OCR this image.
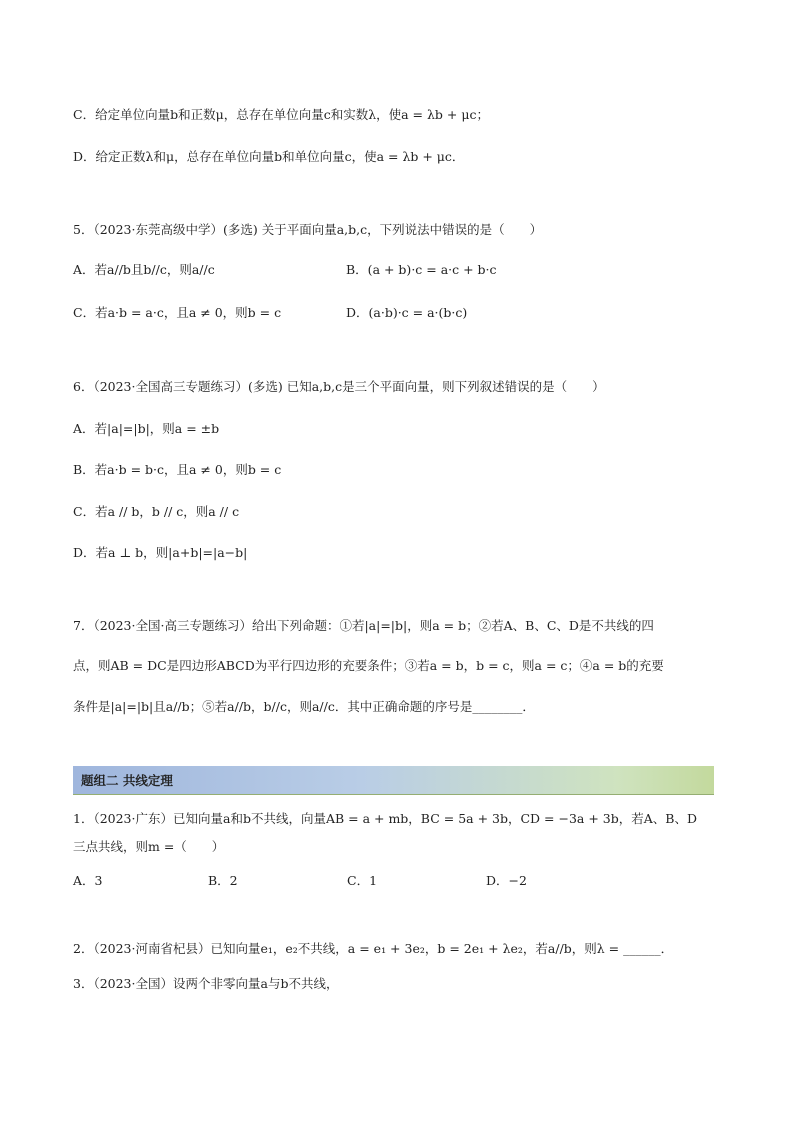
C．给定单位向量b和正数μ，总存在单位向量c和实数λ，使a = λb + μc；
D．给定正数λ和μ，总存在单位向量b和单位向量c，使a = λb + μc．
5．（2023·东莞高级中学）(多选) 关于平面向量a,b,c，下列说法中错误的是（　　）
A．若a//b且b//c，则a//c	B．(a + b)·c = a·c + b·c
C．若a·b = a·c，且a ≠ 0，则b = c	D．(a·b)·c = a·(b·c)
6．（2023·全国高三专题练习）(多选) 已知a,b,c是三个平面向量，则下列叙述错误的是（　　）
A．若|a|=|b|，则a = ±b
B．若a·b = b·c，且a ≠ 0，则b = c
C．若a // b，b // c，则a // c
D．若a ⊥ b，则|a+b|=|a−b|
7．（2023·全国·高三专题练习）给出下列命题：①若|a|=|b|，则a = b；②若A、B、C、D是不共线的四
点，则AB = DC是四边形ABCD为平行四边形的充要条件；③若a = b，b = c，则a = c；④a = b的充要
条件是|a|=|b|且a//b；⑤若a//b，b//c，则a//c．其中正确命题的序号是________．
题组二 共线定理
1．（2023·广东）已知向量a和b不共线，向量AB = a + mb，BC = 5a + 3b，CD = −3a + 3b，若A、B、D
三点共线，则m =（　　）
A．3	B．2	C．1	D．−2
2．（2023·河南省杞县）已知向量e₁，e₂不共线，a = e₁ + 3e₂，b = 2e₁ + λe₂，若a//b，则λ = ______．
3．（2023·全国）设两个非零向量a与b不共线，
